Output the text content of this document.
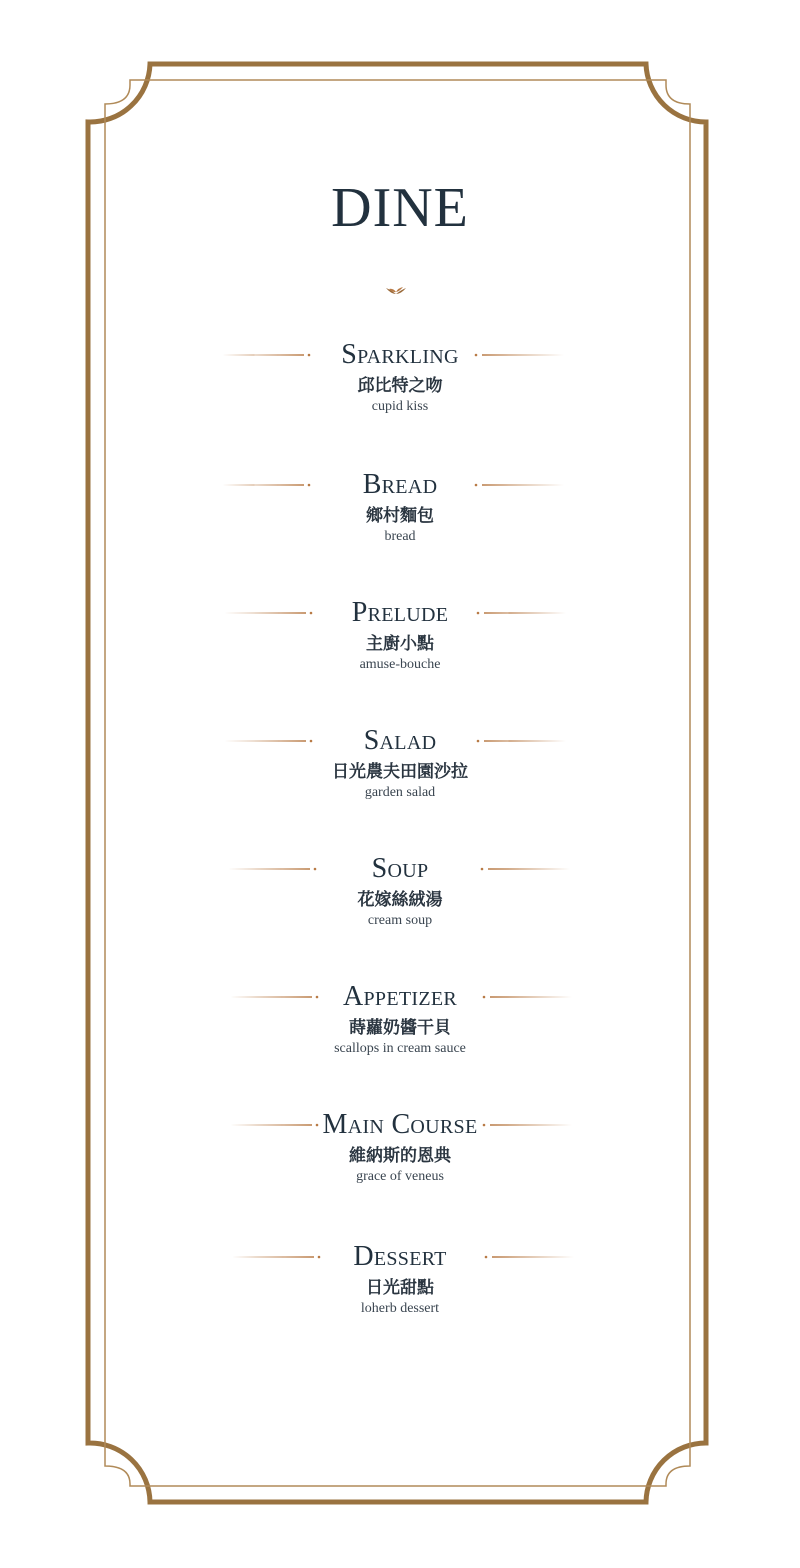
DINE
Sparkling
邱比特之吻
cupid kiss
Bread
鄉村麵包
bread
Prelude
主廚小點
amuse-bouche
Salad
日光農夫田園沙拉
garden salad
Soup
花嫁絲絨湯
cream soup
Appetizer
蒔蘿奶醬干貝
scallops in cream sauce
Main Course
維納斯的恩典
grace of veneus
Dessert
日光甜點
loherb dessert
